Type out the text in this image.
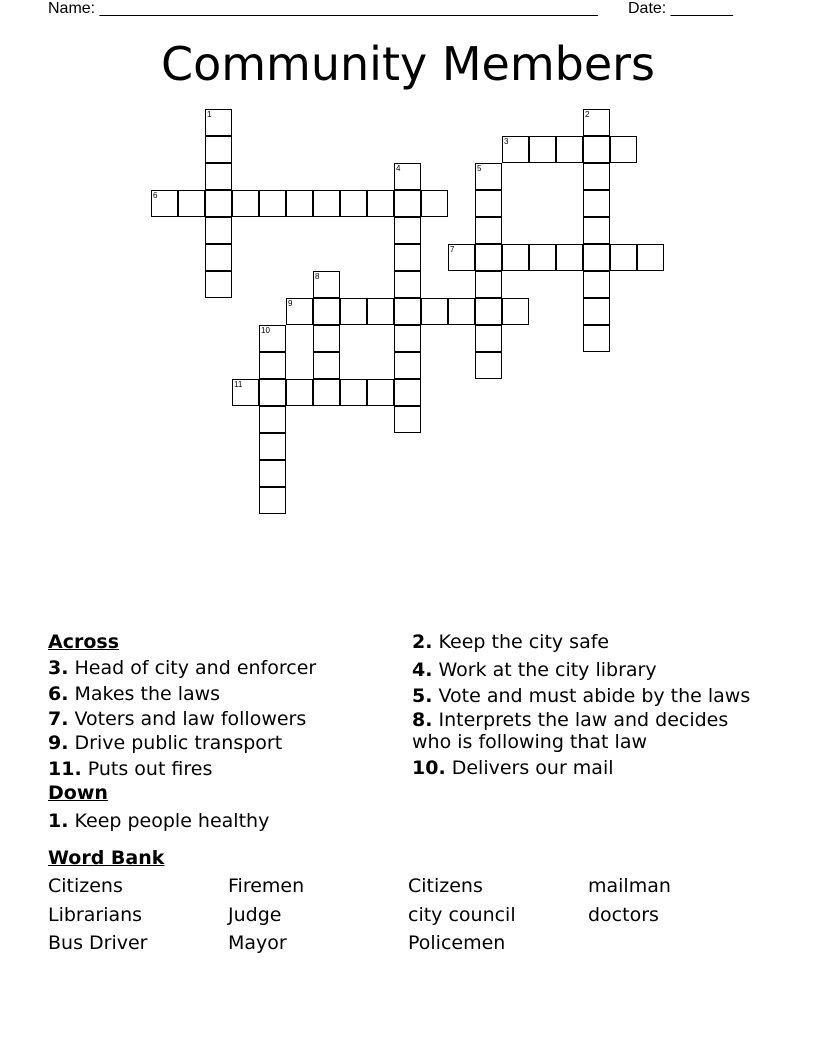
Name: ________________________________________________________ Date: _______
Community Members
1	2
3
4	5
6
7
8
9
10
11
Across
3. Head of city and enforcer
6. Makes the laws
7. Voters and law followers
9. Drive public transport
11. Puts out fires
Down
1. Keep people healthy
2. Keep the city safe
4. Work at the city library
5. Vote and must abide by the laws
8. Interprets the law and decides who is following that law
10. Delivers our mail
Word Bank
Citizens	Firemen	Citizens	mailman
Librarians	Judge	city council	doctors
Bus Driver	Mayor	Policemen
